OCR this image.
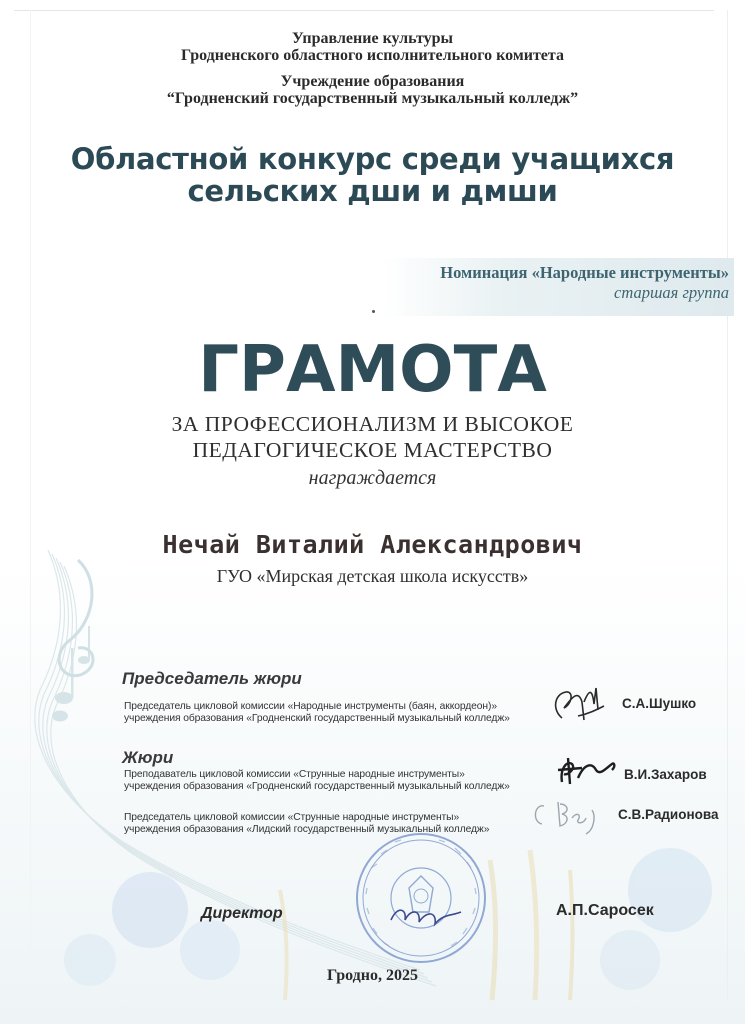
Управление культуры
Гродненского областного исполнительного комитета
Учреждение образования
“Гродненский государственный музыкальный колледж”
Областной конкурс среди учащихся
сельских дши и дмши
Номинация «Народные инструменты»
старшая группа
ГРАМОТА
ЗА ПРОФЕССИОНАЛИЗМ И ВЫСОКОЕ
ПЕДАГОГИЧЕСКОЕ МАСТЕРСТВО
награждается
Нечай Виталий Александрович
ГУО «Мирская детская школа искусств»
Председатель жюри
Председатель цикловой комиссии «Народные инструменты (баян, аккордеон)»
учреждения образования «Гродненский государственный музыкальный колледж»
С.А.Шушко
Жюри
Преподаватель цикловой комиссии «Струнные народные инструменты»
учреждения образования «Гродненский государственный музыкальный колледж»
В.И.Захаров
Председатель цикловой комиссии «Струнные народные инструменты»
учреждения образования «Лидский государственный музыкальный колледж»
С.В.Радионова
Директор	А.П.Саросек
Гродно, 2025
